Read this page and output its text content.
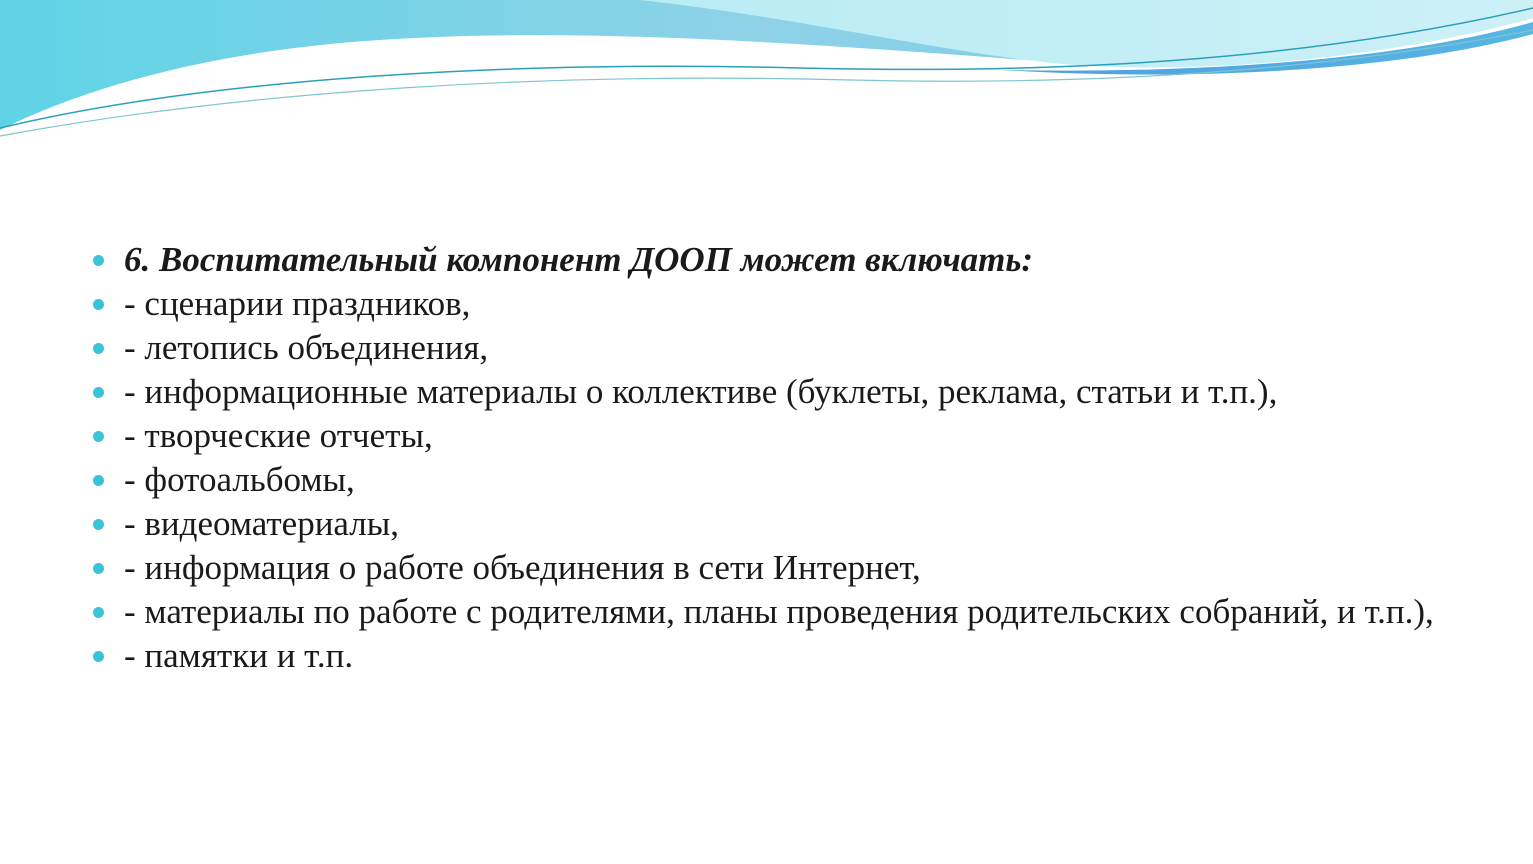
6. Воспитательный компонент ДООП может включать:
- сценарии праздников,
- летопись объединения,
- информационные материалы о коллективе (буклеты, реклама, статьи и т.п.),
- творческие отчеты,
- фотоальбомы,
- видеоматериалы,
- информация о работе объединения в сети Интернет,
- материалы по работе с родителями, планы проведения родительских собраний, и т.п.),
- памятки и т.п.
